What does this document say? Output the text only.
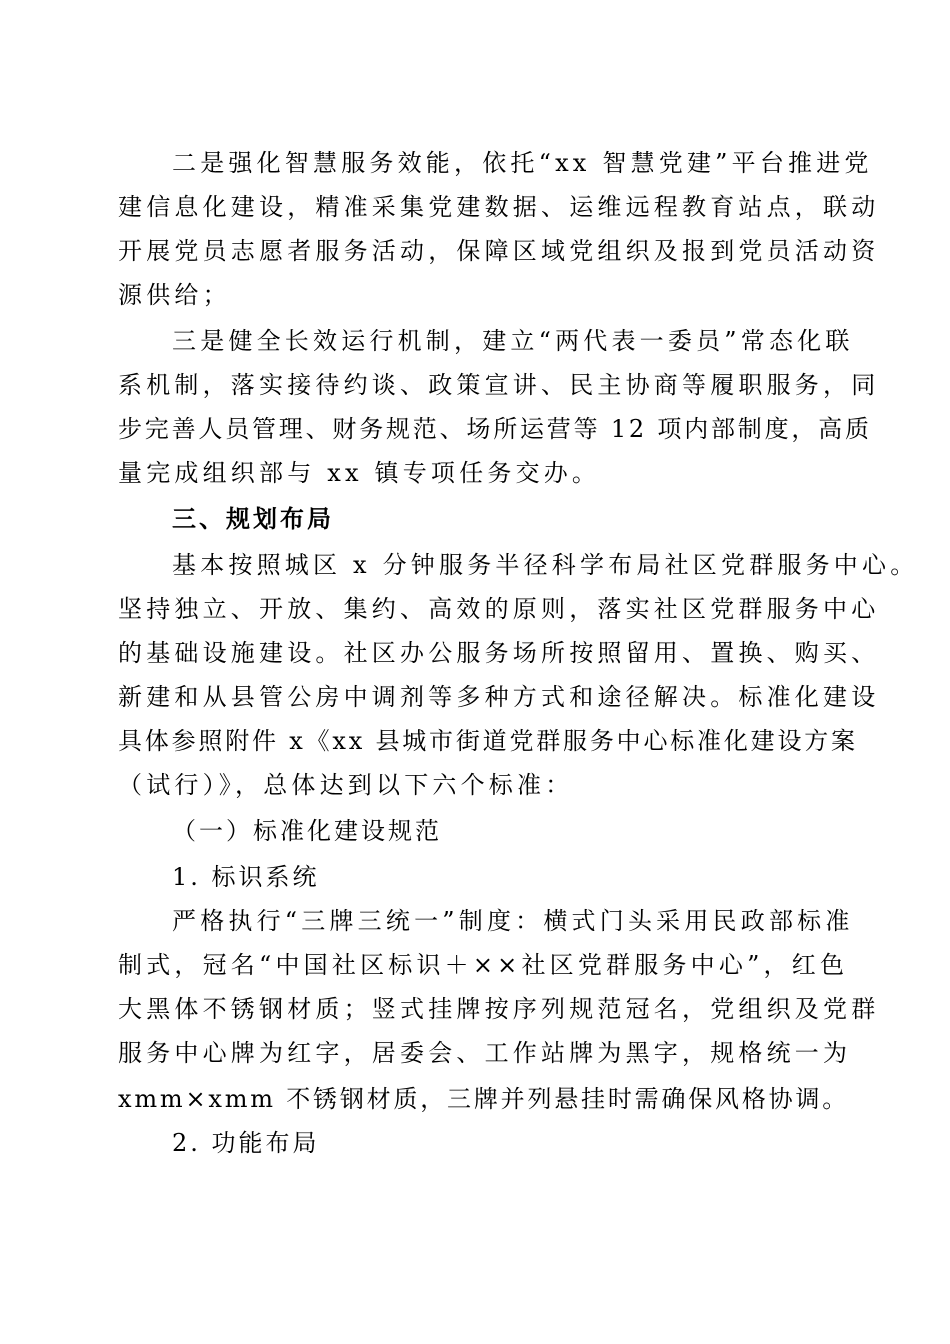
二是强化智慧服务效能，依托“xx 智慧党建”平台推进党
建信息化建设，精准采集党建数据、运维远程教育站点，联动
开展党员志愿者服务活动，保障区域党组织及报到党员活动资
源供给；
三是健全长效运行机制，建立“两代表一委员”常态化联
系机制，落实接待约谈、政策宣讲、民主协商等履职服务，同
步完善人员管理、财务规范、场所运营等 12 项内部制度，高质
量完成组织部与 xx 镇专项任务交办。
三、规划布局
基本按照城区 x 分钟服务半径科学布局社区党群服务中心。
坚持独立、开放、集约、高效的原则，落实社区党群服务中心
的基础设施建设。社区办公服务场所按照留用、置换、购买、
新建和从县管公房中调剂等多种方式和途径解决。标准化建设
具体参照附件 x《xx 县城市街道党群服务中心标准化建设方案
（试行）》，总体达到以下六个标准：
（一）标准化建设规范
1. 标识系统
严格执行“三牌三统一”制度：横式门头采用民政部标准
制式，冠名“中国社区标识＋××社区党群服务中心”，红色
大黑体不锈钢材质；竖式挂牌按序列规范冠名，党组织及党群
服务中心牌为红字，居委会、工作站牌为黑字，规格统一为
xmm×xmm 不锈钢材质，三牌并列悬挂时需确保风格协调。
2. 功能布局
